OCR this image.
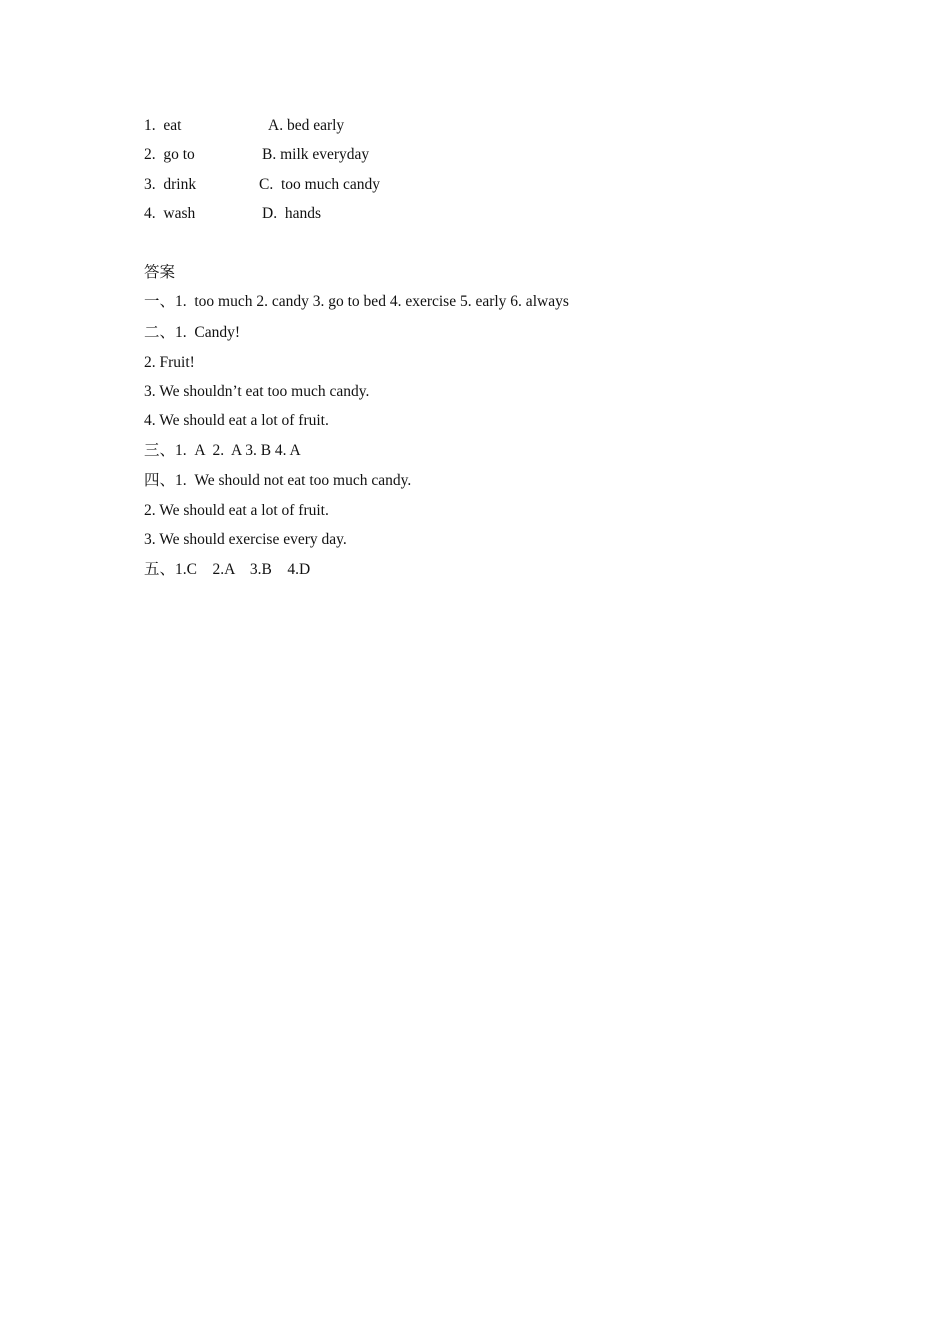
1.  eat	A. bed early
2.  go to	B. milk everyday
3.  drink	C.  too much candy
4.  wash	D.  hands
答案
一、1.  too much 2. candy 3. go to bed 4. exercise 5. early 6. always
二、1.  Candy!
2. Fruit!
3. We shouldn’t eat too much candy.
4. We should eat a lot of fruit.
三、1.  A  2.  A 3. B 4. A
四、1.  We should not eat too much candy.
2. We should eat a lot of fruit.
3. We should exercise every day.
五、1.C    2.A    3.B    4.D
